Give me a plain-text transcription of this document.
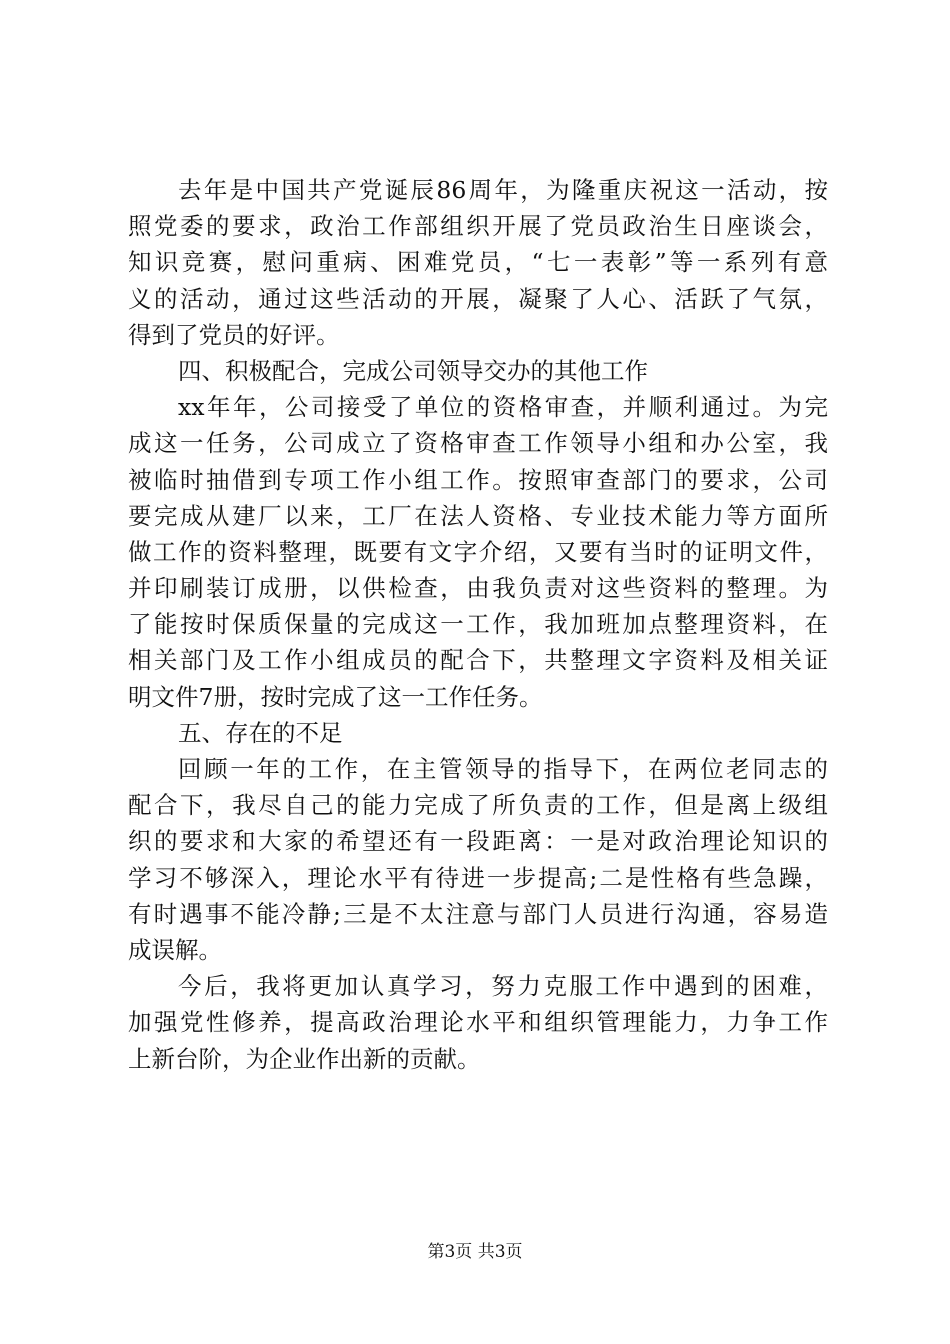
去年是中国共产党诞辰86周年，为隆重庆祝这一活动，按
照党委的要求，政治工作部组织开展了党员政治生日座谈会，
知识竞赛，慰问重病、困难党员，“七一表彰”等一系列有意
义的活动，通过这些活动的开展，凝聚了人心、活跃了气氛，
得到了党员的好评。
四、积极配合，完成公司领导交办的其他工作
xx年年，公司接受了单位的资格审查，并顺利通过。为完
成这一任务，公司成立了资格审查工作领导小组和办公室，我
被临时抽借到专项工作小组工作。按照审查部门的要求，公司
要完成从建厂以来，工厂在法人资格、专业技术能力等方面所
做工作的资料整理，既要有文字介绍，又要有当时的证明文件，
并印刷装订成册，以供检查，由我负责对这些资料的整理。为
了能按时保质保量的完成这一工作，我加班加点整理资料，在
相关部门及工作小组成员的配合下，共整理文字资料及相关证
明文件7册，按时完成了这一工作任务。
五、存在的不足
回顾一年的工作，在主管领导的指导下，在两位老同志的
配合下，我尽自己的能力完成了所负责的工作，但是离上级组
织的要求和大家的希望还有一段距离：一是对政治理论知识的
学习不够深入，理论水平有待进一步提高;二是性格有些急躁，
有时遇事不能冷静;三是不太注意与部门人员进行沟通，容易造
成误解。
今后，我将更加认真学习，努力克服工作中遇到的困难，
加强党性修养，提高政治理论水平和组织管理能力，力争工作
上新台阶，为企业作出新的贡献。
第3页 共3页
